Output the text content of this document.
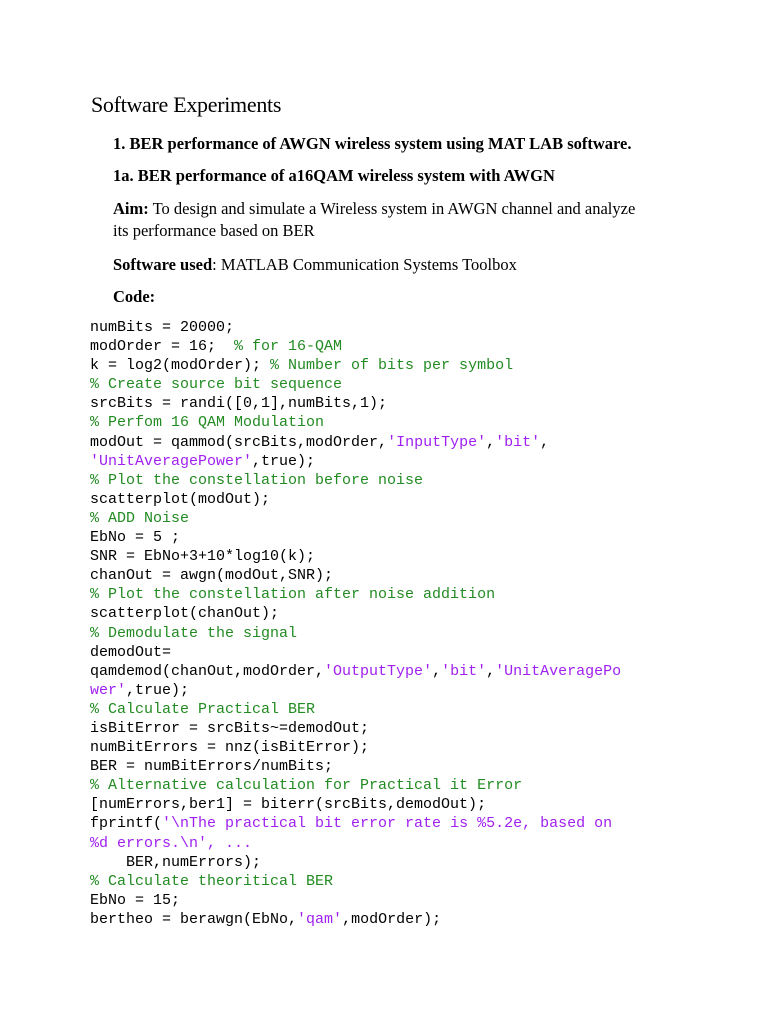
Software Experiments
1. BER performance of AWGN wireless system using MAT LAB software.
1a. BER performance of a16QAM wireless system with AWGN
Aim: To design and simulate a Wireless system in AWGN channel and analyze
its performance based on BER
Software used: MATLAB Communication Systems Toolbox
Code:
numBits = 20000;
modOrder = 16;  % for 16-QAM
k = log2(modOrder); % Number of bits per symbol
% Create source bit sequence
srcBits = randi([0,1],numBits,1);
% Perfom 16 QAM Modulation
modOut = qammod(srcBits,modOrder,'InputType','bit',
'UnitAveragePower',true);
% Plot the constellation before noise
scatterplot(modOut);
% ADD Noise
EbNo = 5 ;
SNR = EbNo+3+10*log10(k);
chanOut = awgn(modOut,SNR);
% Plot the constellation after noise addition
scatterplot(chanOut);
% Demodulate the signal
demodOut=
qamdemod(chanOut,modOrder,'OutputType','bit','UnitAveragePo
wer',true);
% Calculate Practical BER
isBitError = srcBits~=demodOut;
numBitErrors = nnz(isBitError);
BER = numBitErrors/numBits;
% Alternative calculation for Practical it Error
[numErrors,ber1] = biterr(srcBits,demodOut);
fprintf('\nThe practical bit error rate is %5.2e, based on
%d errors.\n', ...
BER,numErrors);
% Calculate theoritical BER
EbNo = 15;
bertheo = berawgn(EbNo,'qam',modOrder);
